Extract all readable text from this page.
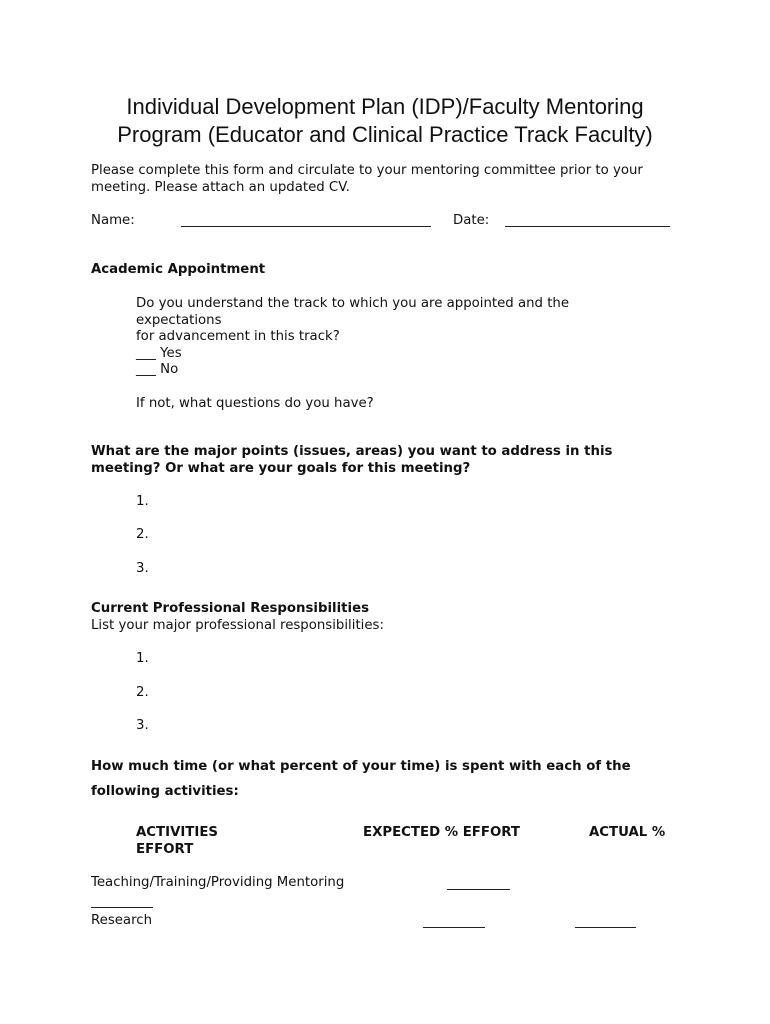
Individual Development Plan (IDP)/Faculty Mentoring
Program (Educator and Clinical Practice Track Faculty)
Please complete this form and circulate to your mentoring committee prior to your
meeting. Please attach an updated CV.
Name:	Date:
Academic Appointment
Do you understand the track to which you are appointed and the
expectations
for advancement in this track?
___ Yes
___ No
If not, what questions do you have?
What are the major points (issues, areas) you want to address in this
meeting? Or what are your goals for this meeting?
1.
2.
3.
Current Professional Responsibilities
List your major professional responsibilities:
1.
2.
3.
How much time (or what percent of your time) is spent with each of the
following activities:
ACTIVITIES	EXPECTED % EFFORT	ACTUAL %
EFFORT
Teaching/Training/Providing Mentoring
Research
